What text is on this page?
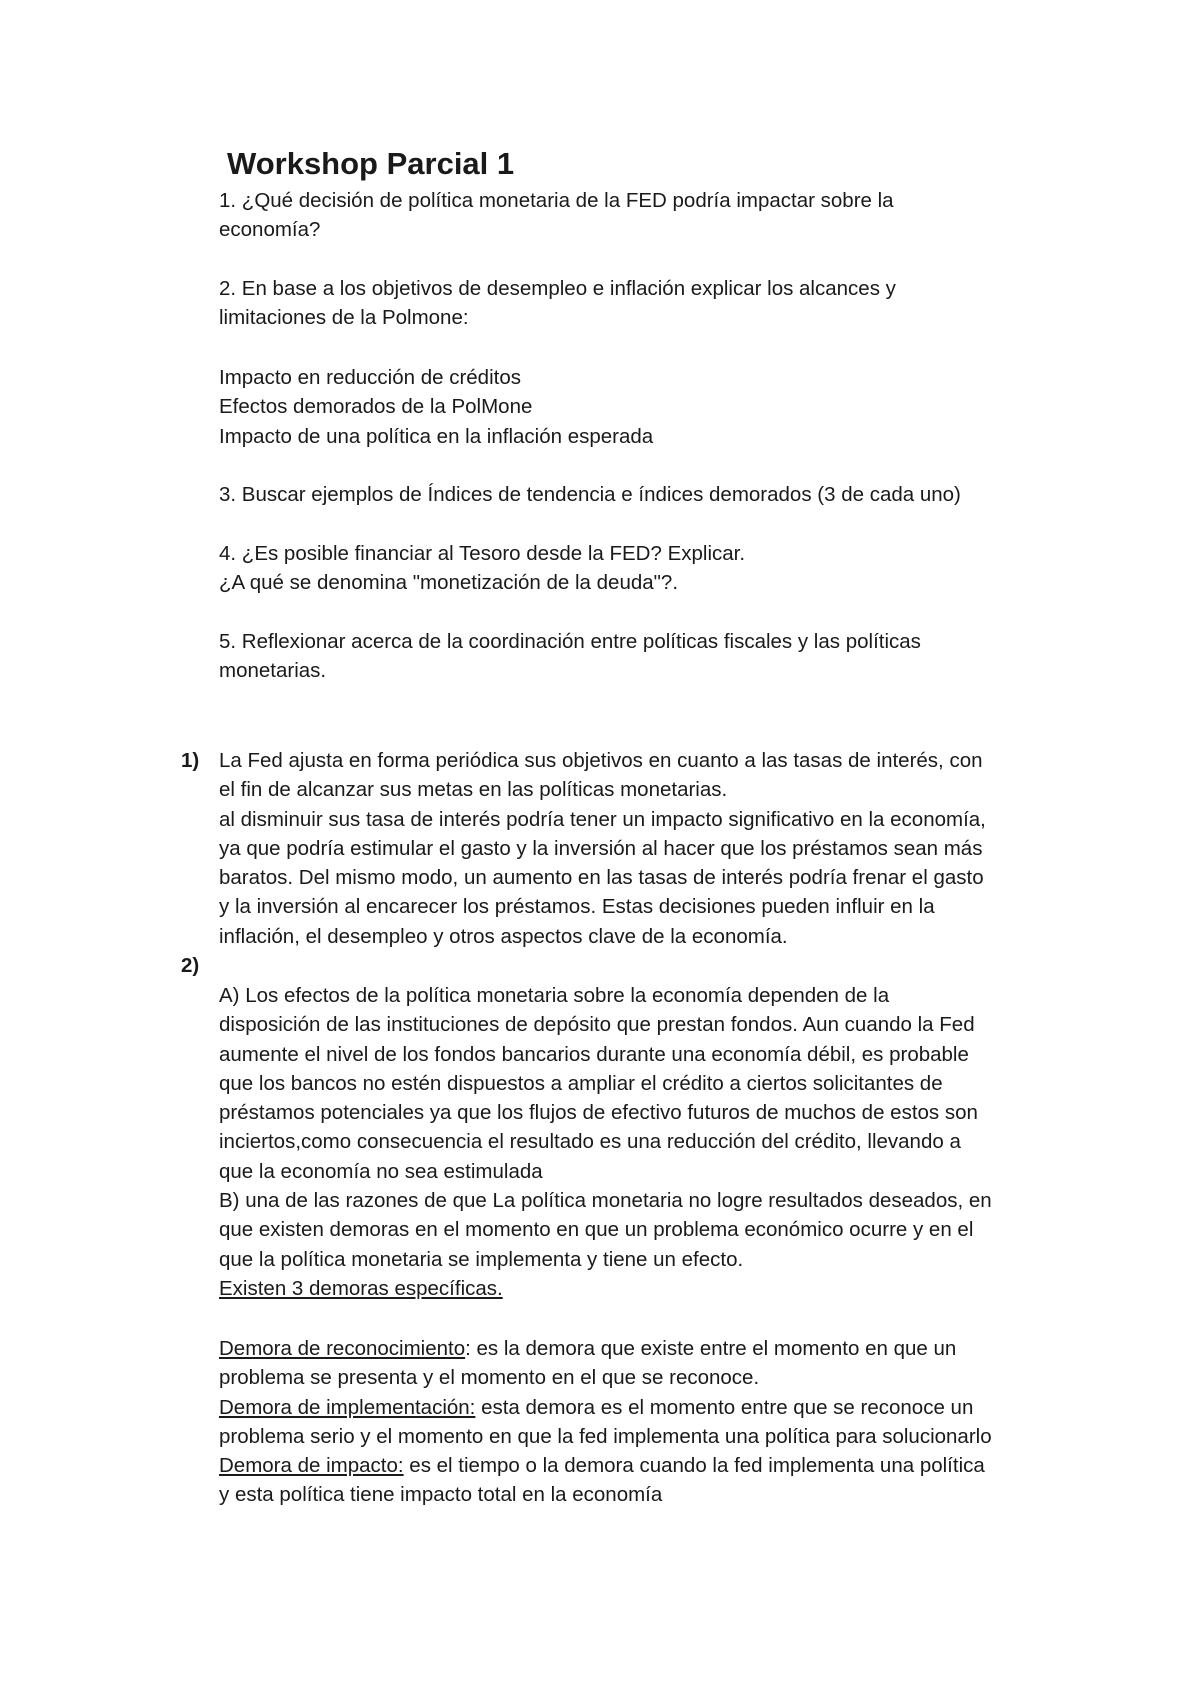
Workshop Parcial 1
1. ¿Qué decisión de política monetaria de la FED podría impactar sobre la
economía?
2. En base a los objetivos de desempleo e inflación explicar los alcances y
limitaciones de la Polmone:
Impacto en reducción de créditos
Efectos demorados de la PolMone
Impacto de una política en la inflación esperada
3. Buscar ejemplos de Índices de tendencia e índices demorados (3 de cada uno)
4. ¿Es posible financiar al Tesoro desde la FED? Explicar.
¿A qué se denomina "monetización de la deuda"?.
5. Reflexionar acerca de la coordinación entre políticas fiscales y las políticas
monetarias.
1) La Fed ajusta en forma periódica sus objetivos en cuanto a las tasas de interés, con
el fin de alcanzar sus metas en las políticas monetarias.
al disminuir sus tasa de interés podría tener un impacto significativo en la economía,
ya que podría estimular el gasto y la inversión al hacer que los préstamos sean más
baratos. Del mismo modo, un aumento en las tasas de interés podría frenar el gasto
y la inversión al encarecer los préstamos. Estas decisiones pueden influir en la
inflación, el desempleo y otros aspectos clave de la economía.
2)
A) Los efectos de la política monetaria sobre la economía dependen de la
disposición de las instituciones de depósito que prestan fondos. Aun cuando la Fed
aumente el nivel de los fondos bancarios durante una economía débil, es probable
que los bancos no estén dispuestos a ampliar el crédito a ciertos solicitantes de
préstamos potenciales ya que los flujos de efectivo futuros de muchos de estos son
inciertos,como consecuencia el resultado es una reducción del crédito, llevando a
que la economía no sea estimulada
B) una de las razones de que La política monetaria no logre resultados deseados, en
que existen demoras en el momento en que un problema económico ocurre y en el
que la política monetaria se implementa y tiene un efecto.
Existen 3 demoras específicas.
Demora de reconocimiento: es la demora que existe entre el momento en que un
problema se presenta y el momento en el que se reconoce.
Demora de implementación: esta demora es el momento entre que se reconoce un
problema serio y el momento en que la fed implementa una política para solucionarlo
Demora de impacto: es el tiempo o la demora cuando la fed implementa una política
y esta política tiene impacto total en la economía
